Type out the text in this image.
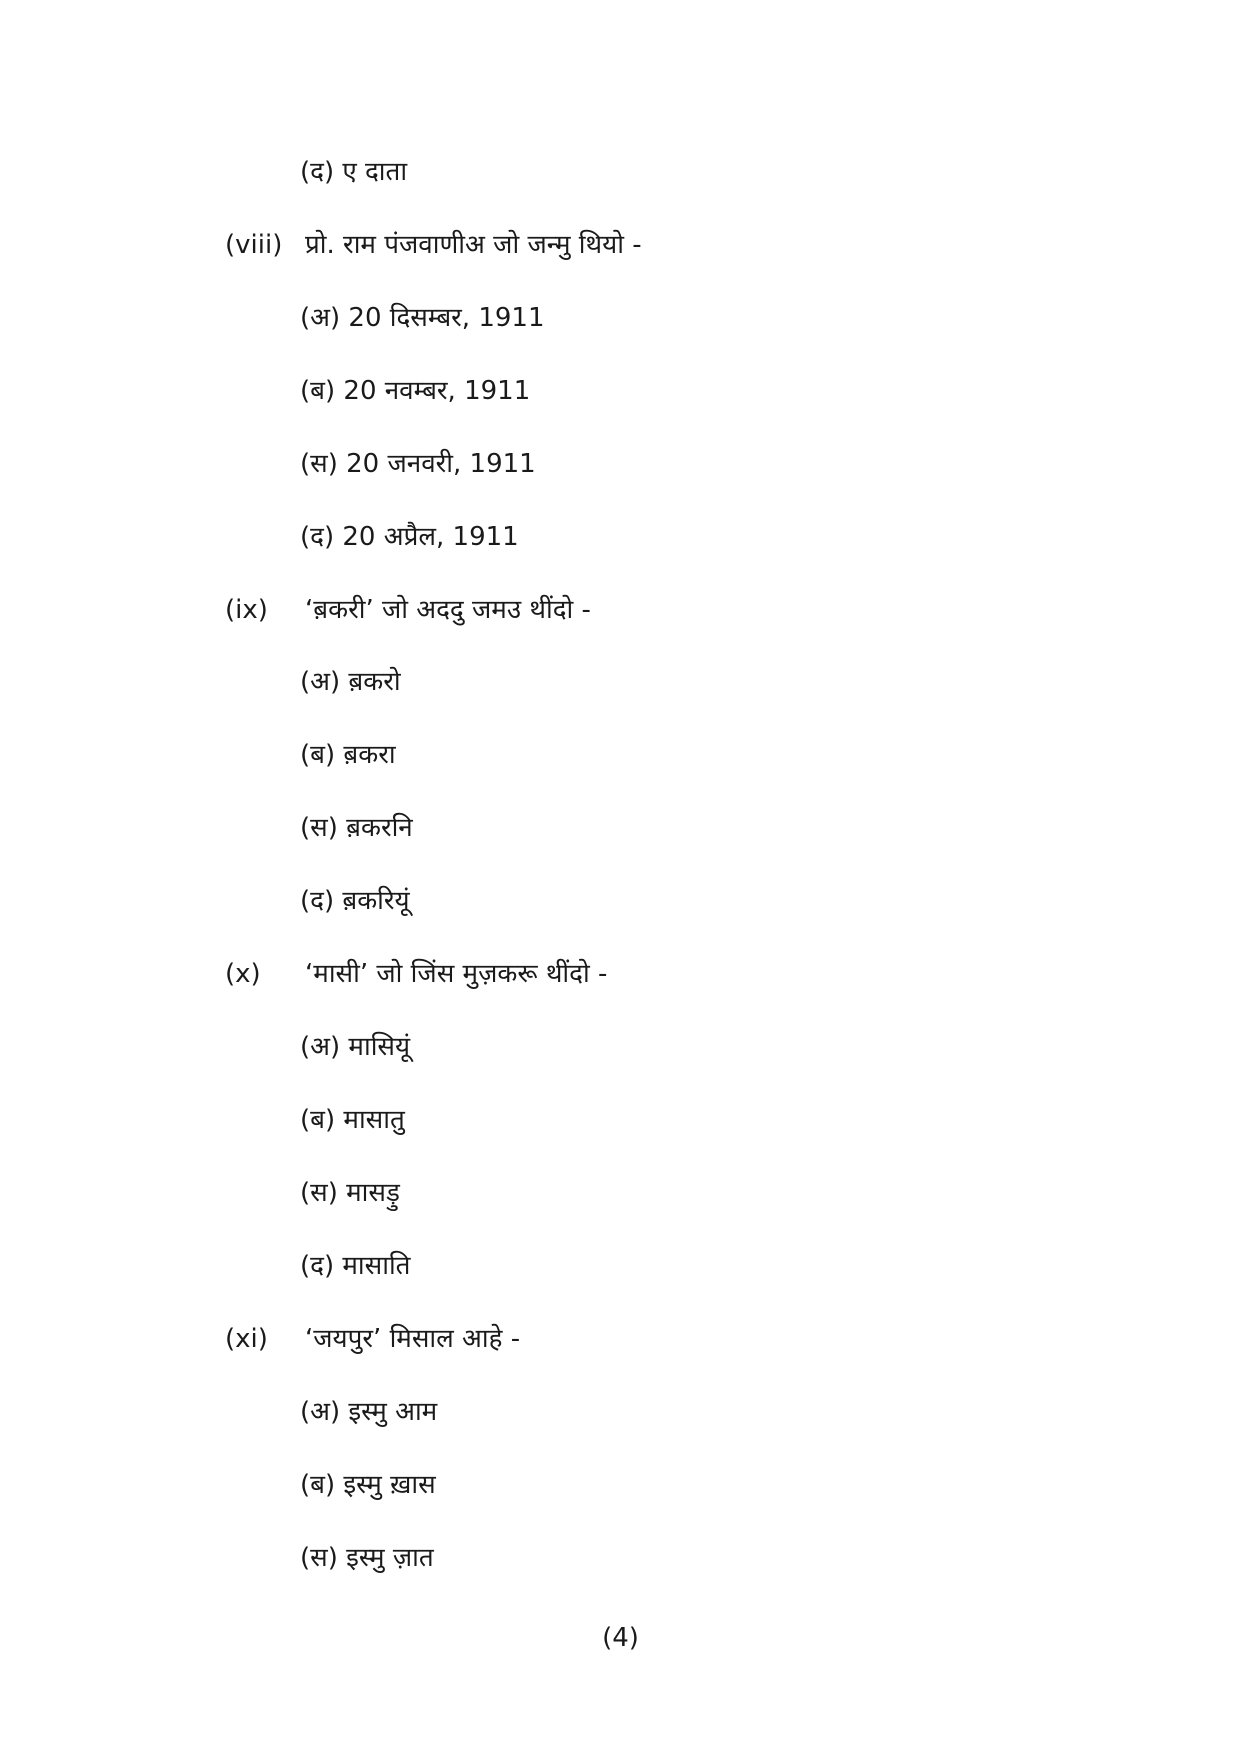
(द) ए दाता
(viii) प्रो. राम पंजवाणीअ जो जन्मु थियो -
(अ) 20 दिसम्बर, 1911
(ब) 20 नवम्बर, 1911
(स) 20 जनवरी, 1911
(द) 20 अप्रैल, 1911
(ix) ‘ब़करी’ जो अददु जमउ थींदो -
(अ) ब़करो
(ब) ब़करा
(स) ब़करनि
(द) ब़करियूं
(x) ‘मासी’ जो जिंस मुज़करू थींदो -
(अ) मासियूं
(ब) मासातु
(स) मासड़ु
(द) मासाति
(xi) ‘जयपुर’ मिसाल आहे -
(अ) इस्मु आम
(ब) इस्मु ख़ास
(स) इस्मु ज़ात
(4)
